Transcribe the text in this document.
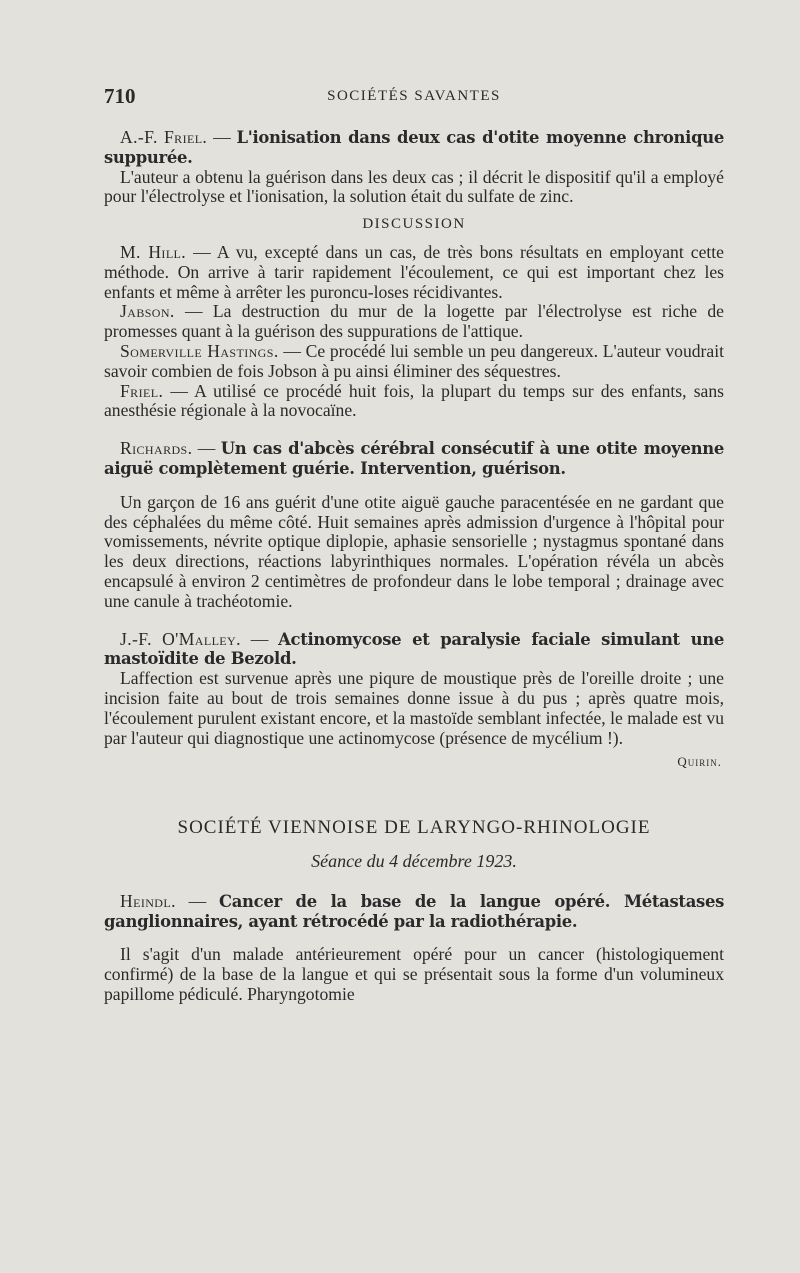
710	SOCIÉTÉS SAVANTES

A.-F. Friel. — L'ionisation dans deux cas d'otite moyenne chronique suppurée.

L'auteur a obtenu la guérison dans les deux cas ; il décrit le dispositif qu'il a employé pour l'électrolyse et l'ionisation, la solution était du sulfate de zinc.

DISCUSSION

M. Hill. — A vu, excepté dans un cas, de très bons résultats en employant cette méthode. On arrive à tarir rapidement l'écoulement, ce qui est important chez les enfants et même à arrêter les puroncu-loses récidivantes.

Jabson. — La destruction du mur de la logette par l'électrolyse est riche de promesses quant à la guérison des suppurations de l'attique.

Somerville Hastings. — Ce procédé lui semble un peu dangereux. L'auteur voudrait savoir combien de fois Jobson à pu ainsi éliminer des séquestres.

Friel. — A utilisé ce procédé huit fois, la plupart du temps sur des enfants, sans anesthésie régionale à la novocaïne.

Richards. — Un cas d'abcès cérébral consécutif à une otite moyenne aiguë complètement guérie. Intervention, guérison.

Un garçon de 16 ans guérit d'une otite aiguë gauche paracentésée en ne gardant que des céphalées du même côté. Huit semaines après admission d'urgence à l'hôpital pour vomissements, névrite optique diplopie, aphasie sensorielle ; nystagmus spontané dans les deux directions, réactions labyrinthiques normales. L'opération révéla un abcès encapsulé à environ 2 centimètres de profondeur dans le lobe temporal ; drainage avec une canule à trachéotomie.

J.-F. O'Malley. — Actinomycose et paralysie faciale simulant une mastoïdite de Bezold.

Laffection est survenue après une piqure de moustique près de l'oreille droite ; une incision faite au bout de trois semaines donne issue à du pus ; après quatre mois, l'écoulement purulent existant encore, et la mastoïde semblant infectée, le malade est vu par l'auteur qui diagnostique une actinomycose (présence de mycélium !).

Quirin.
SOCIÉTÉ VIENNOISE DE LARYNGO-RHINOLOGIE
Séance du 4 décembre 1923.

Heindl. — Cancer de la base de la langue opéré. Métastases ganglionnaires, ayant rétrocédé par la radiothérapie.

Il s'agit d'un malade antérieurement opéré pour un cancer (histologiquement confirmé) de la base de la langue et qui se présentait sous la forme d'un volumineux papillome pédiculé. Pharyngotomie
